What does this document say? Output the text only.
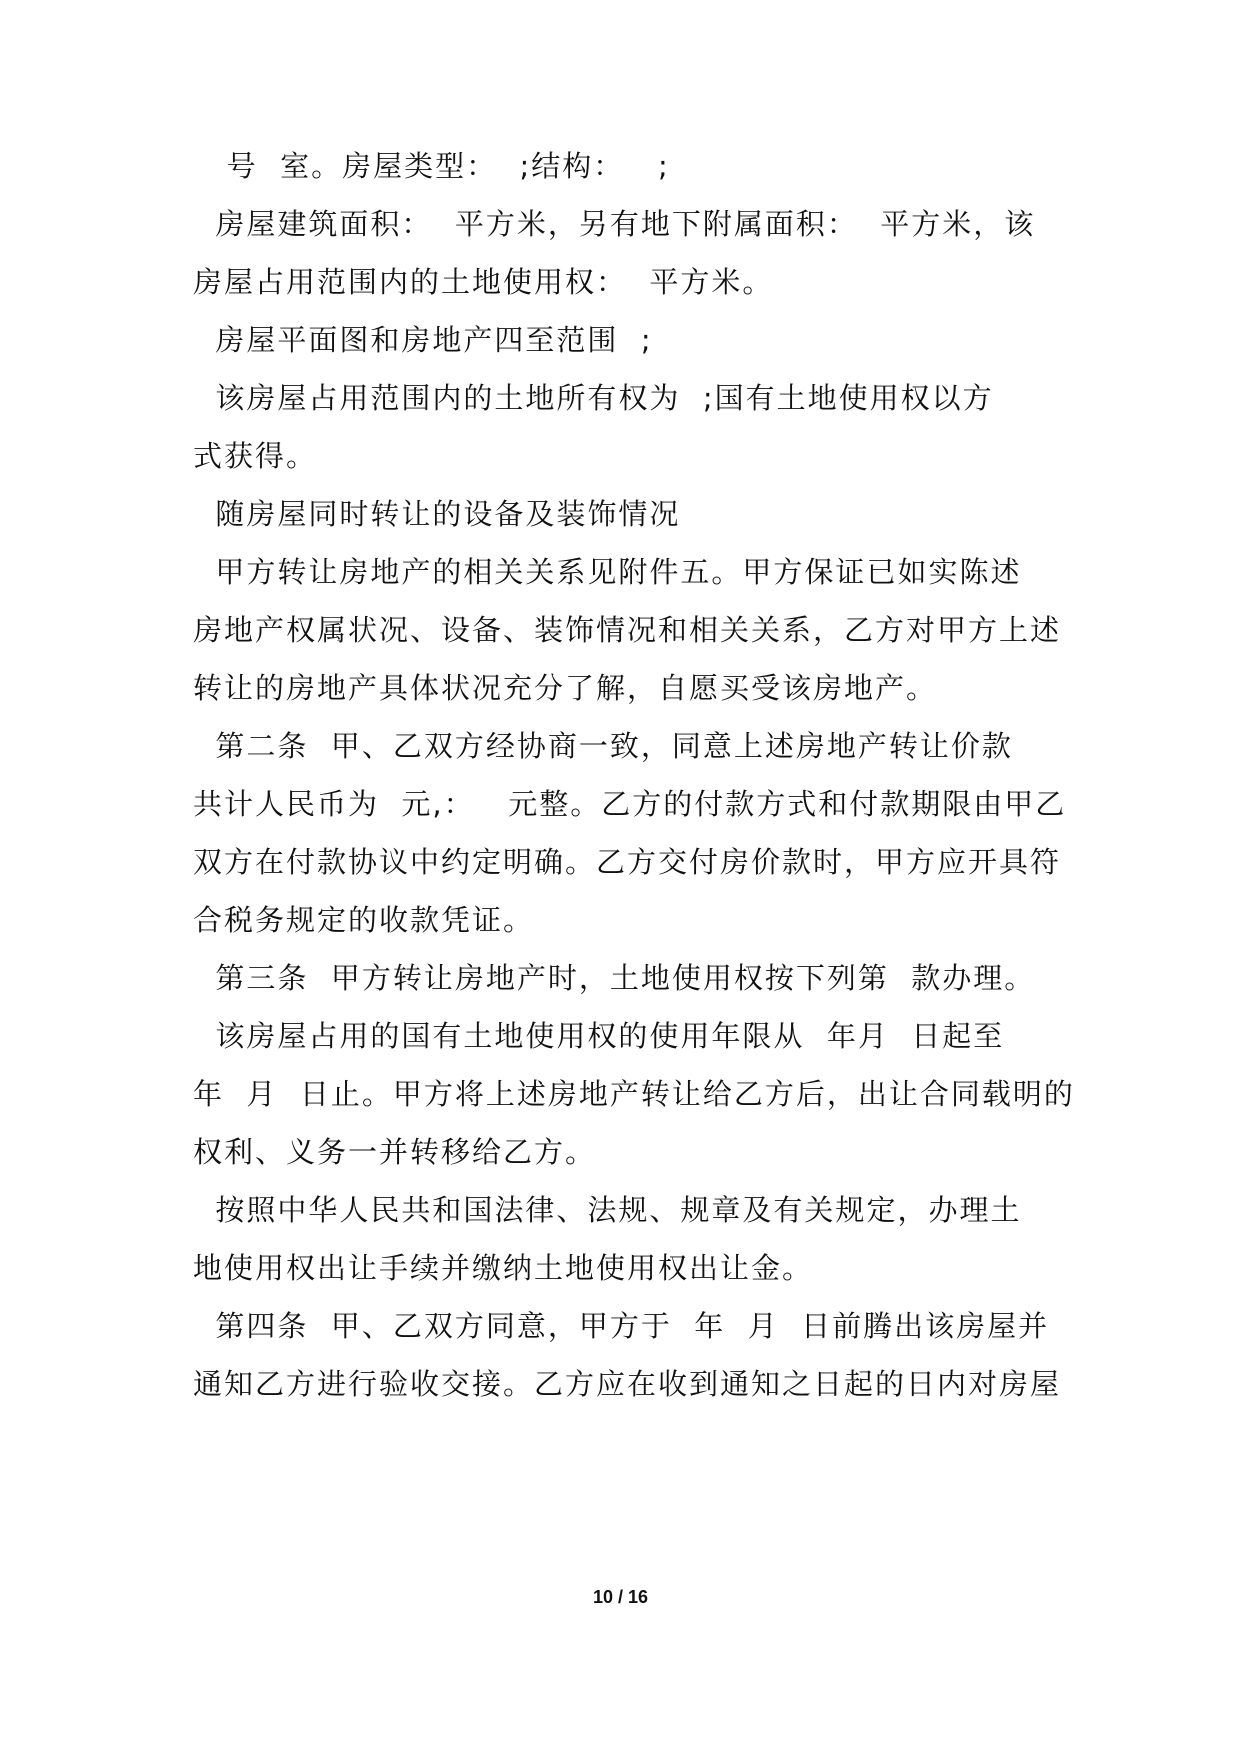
号  室。房屋类型：  ;结构：   ;
房屋建筑面积：  平方米，另有地下附属面积：  平方米，该
房屋占用范围内的土地使用权：  平方米。
房屋平面图和房地产四至范围  ;
该房屋占用范围内的土地所有权为  ;国有土地使用权以方
式获得。
随房屋同时转让的设备及装饰情况
甲方转让房地产的相关关系见附件五。甲方保证已如实陈述
房地产权属状况、设备、装饰情况和相关关系，乙方对甲方上述
转让的房地产具体状况充分了解，自愿买受该房地产。
第二条  甲、乙双方经协商一致，同意上述房地产转让价款
共计人民币为  元,：   元整。乙方的付款方式和付款期限由甲乙
双方在付款协议中约定明确。乙方交付房价款时，甲方应开具符
合税务规定的收款凭证。
第三条  甲方转让房地产时，土地使用权按下列第  款办理。
该房屋占用的国有土地使用权的使用年限从  年月  日起至
年  月  日止。甲方将上述房地产转让给乙方后，出让合同载明的
权利、义务一并转移给乙方。
按照中华人民共和国法律、法规、规章及有关规定，办理土
地使用权出让手续并缴纳土地使用权出让金。
第四条  甲、乙双方同意，甲方于  年  月  日前腾出该房屋并
通知乙方进行验收交接。乙方应在收到通知之日起的日内对房屋
10 / 16
